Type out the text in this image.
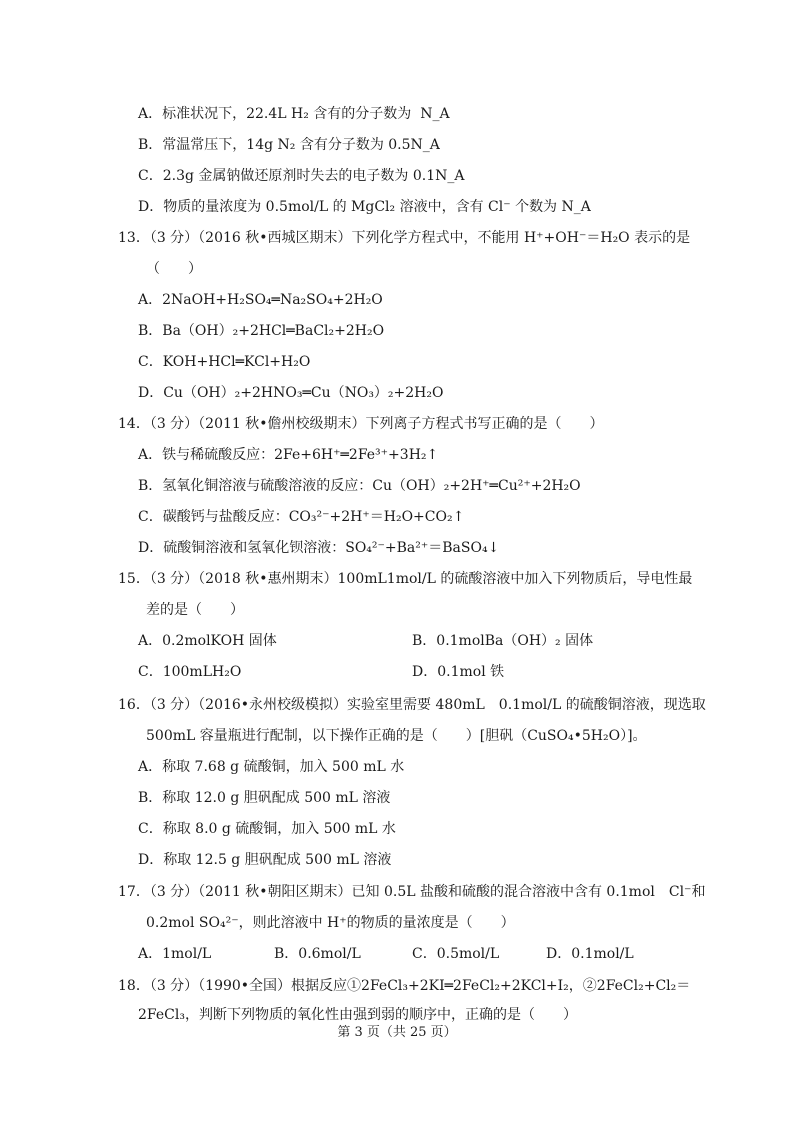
A．标准状况下，22.4L H₂ 含有的分子数为  N_A
B．常温常压下，14g N₂ 含有分子数为 0.5N_A
C．2.3g 金属钠做还原剂时失去的电子数为 0.1N_A
D．物质的量浓度为 0.5mol/L 的 MgCl₂ 溶液中，含有 Cl⁻ 个数为 N_A
13．（3 分）（2016 秋•西城区期末）下列化学方程式中，不能用 H⁺+OH⁻＝H₂O 表示的是
（　　）
A．2NaOH+H₂SO₄═Na₂SO₄+2H₂O
B．Ba（OH）₂+2HCl═BaCl₂+2H₂O
C．KOH+HCl═KCl+H₂O
D．Cu（OH）₂+2HNO₃═Cu（NO₃）₂+2H₂O
14．（3 分）（2011 秋•儋州校级期末）下列离子方程式书写正确的是（　　）
A．铁与稀硫酸反应：2Fe+6H⁺═2Fe³⁺+3H₂↑
B．氢氧化铜溶液与硫酸溶液的反应：Cu（OH）₂+2H⁺═Cu²⁺+2H₂O
C．碳酸钙与盐酸反应：CO₃²⁻+2H⁺＝H₂O+CO₂↑
D．硫酸铜溶液和氢氧化钡溶液：SO₄²⁻+Ba²⁺＝BaSO₄↓
15．（3 分）（2018 秋•惠州期末）100mL1mol/L 的硫酸溶液中加入下列物质后，导电性最
差的是（　　）
A．0.2molKOH 固体	B．0.1molBa（OH）₂ 固体
C．100mLH₂O	D．0.1mol 铁
16．（3 分）（2016•永州校级模拟）实验室里需要 480mL　0.1mol/L 的硫酸铜溶液，现选取
500mL 容量瓶进行配制，以下操作正确的是（　　）[胆矾（CuSO₄•5H₂O）]。
A．称取 7.68 g 硫酸铜，加入 500 mL 水
B．称取 12.0 g 胆矾配成 500 mL 溶液
C．称取 8.0 g 硫酸铜，加入 500 mL 水
D．称取 12.5 g 胆矾配成 500 mL 溶液
17．（3 分）（2011 秋•朝阳区期末）已知 0.5L 盐酸和硫酸的混合溶液中含有 0.1mol　Cl⁻和
0.2mol SO₄²⁻，则此溶液中 H⁺的物质的量浓度是（　　）
A．1mol/L	B．0.6mol/L	C．0.5mol/L	D．0.1mol/L
18．（3 分）（1990•全国）根据反应①2FeCl₃+2KI═2FeCl₂+2KCl+I₂，②2FeCl₂+Cl₂＝
2FeCl₃，判断下列物质的氧化性由强到弱的顺序中，正确的是（　　）
第 3 页（共 25 页）
